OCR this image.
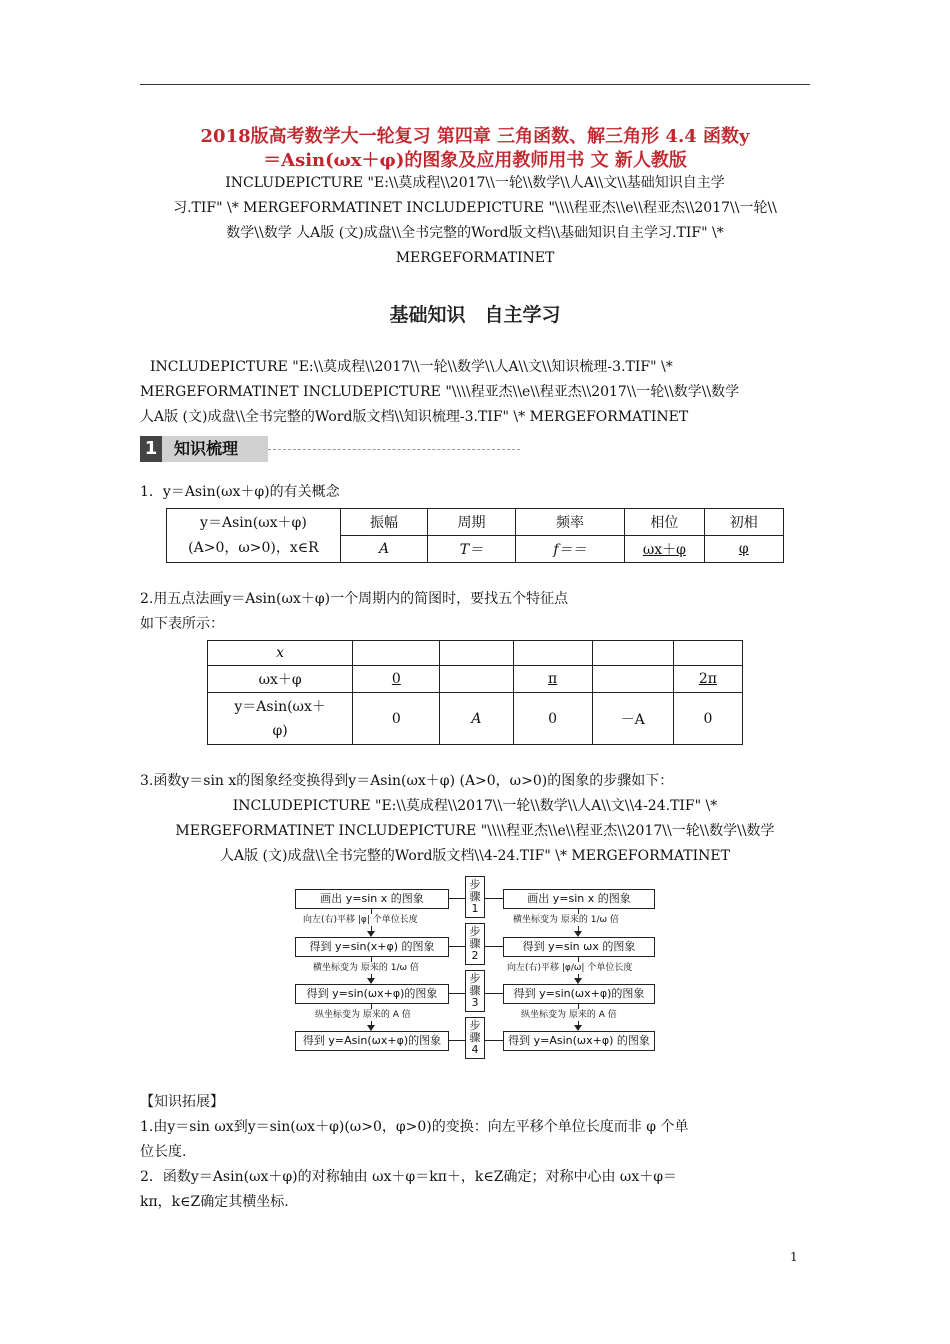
2018版高考数学大一轮复习 第四章 三角函数、解三角形 4.4 函数y
＝Asin(ωx＋φ)的图象及应用教师用书 文 新人教版
INCLUDEPICTURE "E:\\莫成程\\2017\\一轮\\数学\\人A\\文\\基础知识自主学
习.TIF" \* MERGEFORMATINET INCLUDEPICTURE "\\\\程亚杰\\e\\程亚杰\\2017\\一轮\\
数学\\数学 人A版 (文)成盘\\全书完整的Word版文档\\基础知识自主学习.TIF" \*
MERGEFORMATINET
基础知识　自主学习
INCLUDEPICTURE "E:\\莫成程\\2017\\一轮\\数学\\人A\\文\\知识梳理-3.TIF" \*
MERGEFORMATINET INCLUDEPICTURE "\\\\程亚杰\\e\\程亚杰\\2017\\一轮\\数学\\数学
人A版 (文)成盘\\全书完整的Word版文档\\知识梳理-3.TIF" \* MERGEFORMATINET
1 知识梳理
1．y＝Asin(ωx＋φ)的有关概念
y＝Asin(ωx＋φ)
(A>0，ω>0)，x∈R	振幅	周期	频率	相位	初相
	A	T＝	f＝＝	ωx＋φ	φ
2.用五点法画y＝Asin(ωx＋φ)一个周期内的简图时，要找五个特征点
如下表所示：
x					
ωx＋φ	0		π		2π

y＝Asin(ωx＋
φ)	0	A	0	－A	0
3.函数y＝sin x的图象经变换得到y＝Asin(ωx＋φ) (A>0，ω>0)的图象的步骤如下：
INCLUDEPICTURE "E:\\莫成程\\2017\\一轮\\数学\\人A\\文\\4-24.TIF" \*
MERGEFORMATINET INCLUDEPICTURE "\\\\程亚杰\\e\\程亚杰\\2017\\一轮\\数学\\数学
人A版 (文)成盘\\全书完整的Word版文档\\4-24.TIF" \* MERGEFORMATINET
画出 y=sin x 的图象
得到 y=sin(x+φ) 的图象
得到 y=sin(ωx+φ)的图象
得到 y=Asin(ωx+φ)的图象
向左(右)平移 |φ| 个单位长度
横坐标变为 原来的 1/ω 倍
纵坐标变为 原来的 A 倍
步
骤
1
步
骤
2
步
骤
3
步
骤
4
画出 y=sin x 的图象
得到 y=sin ωx 的图象
得到 y=sin(ωx+φ)的图象
得到 y=Asin(ωx+φ) 的图象
横坐标变为 原来的 1/ω 倍
向左(右)平移 |φ/ω| 个单位长度
纵坐标变为 原来的 A 倍
【知识拓展】
1.由y＝sin ωx到y＝sin(ωx＋φ)(ω>0，φ>0)的变换：向左平移个单位长度而非 φ 个单
位长度.
2．函数y＝Asin(ωx＋φ)的对称轴由 ωx＋φ＝kπ＋，k∈Z确定；对称中心由 ωx＋φ＝
kπ，k∈Z确定其横坐标.
1
